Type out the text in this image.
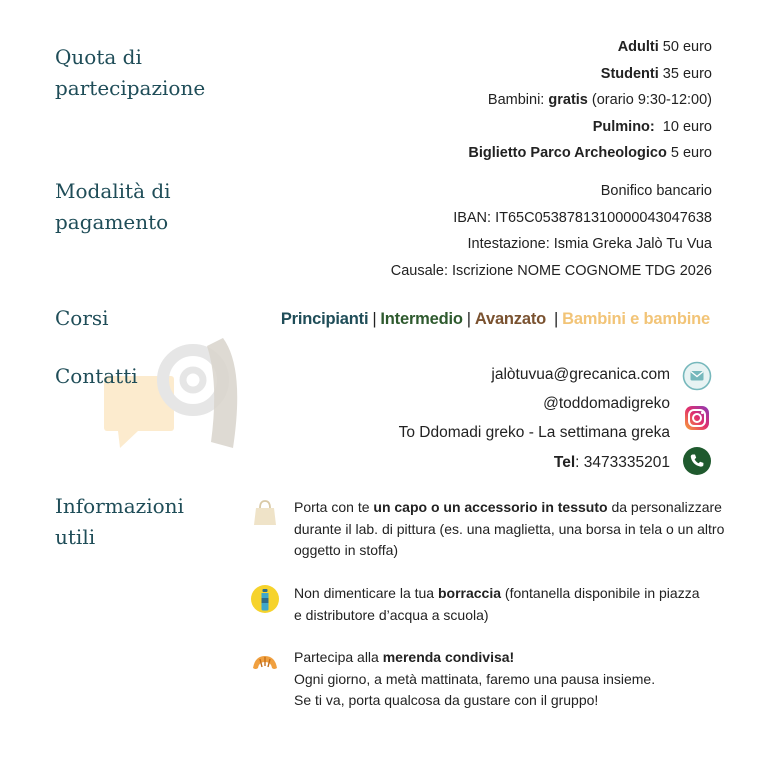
Quota di
partecipazione
Adulti 50 euro
Studenti 35 euro
Bambini: gratis (orario 9:30-12:00)
Pulmino:  10 euro
Biglietto Parco Archeologico 5 euro
Modalità di
pagamento
Bonifico bancario
IBAN: IT65C0538781310000043047638
Intestazione: Ismia Greka Jalò Tu Vua
Causale: Iscrizione NOME COGNOME TDG 2026
Corsi	Principianti | Intermedio | Avanzato | Bambini e bambine
Contatti	jalòtuvua@grecanica.com
@toddomadigreko
To Ddomadi greko - La settimana greka
Tel: 3473335201
Informazioni
utili
Porta con te un capo o un accessorio in tessuto da personalizzare
durante il lab. di pittura (es. una maglietta, una borsa in tela o un altro
oggetto in stoffa)
Non dimenticare la tua borraccia (fontanella disponibile in piazza
e distributore d’acqua a scuola)
Partecipa alla merenda condivisa!
Ogni giorno, a metà mattinata, faremo una pausa insieme.
Se ti va, porta qualcosa da gustare con il gruppo!
